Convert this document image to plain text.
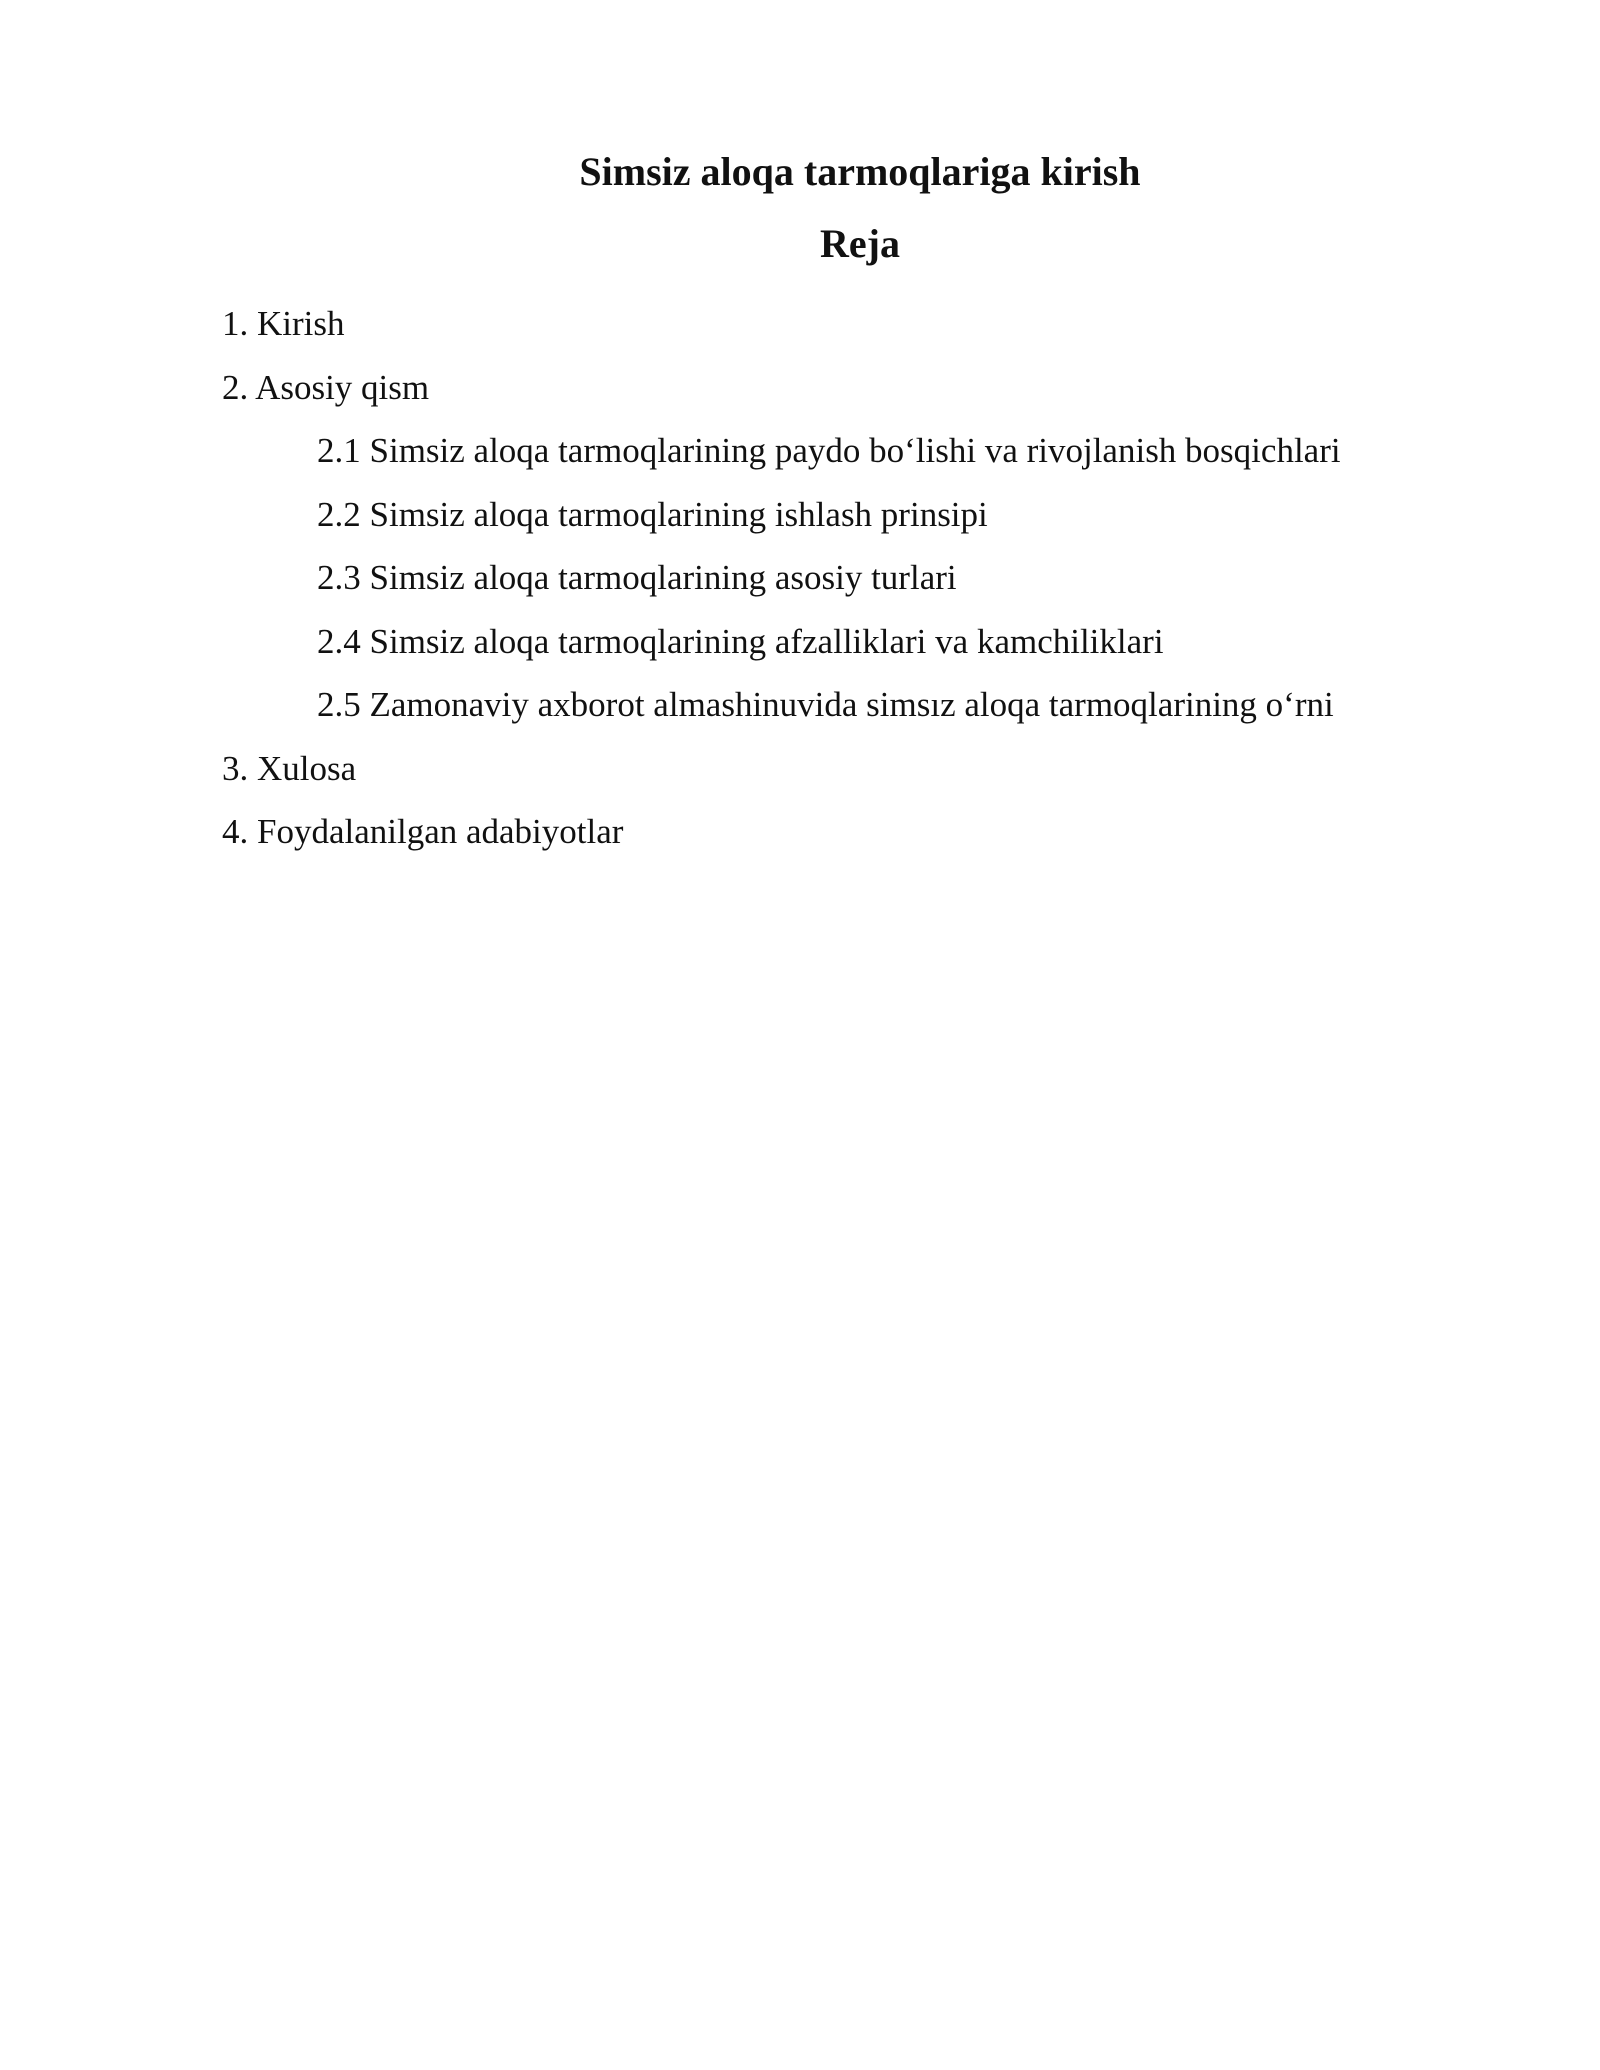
Simsiz aloqa tarmoqlariga kirish
Reja
1. Kirish
2. Asosiy qism
2.1 Simsiz aloqa tarmoqlarining paydo bo‘lishi va rivojlanish bosqichlari
2.2 Simsiz aloqa tarmoqlarining ishlash prinsipi
2.3 Simsiz aloqa tarmoqlarining asosiy turlari
2.4 Simsiz aloqa tarmoqlarining afzalliklari va kamchiliklari
2.5 Zamonaviy axborot almashinuvida simsız aloqa tarmoqlarining o‘rni
3. Xulosa
4. Foydalanilgan adabiyotlar
